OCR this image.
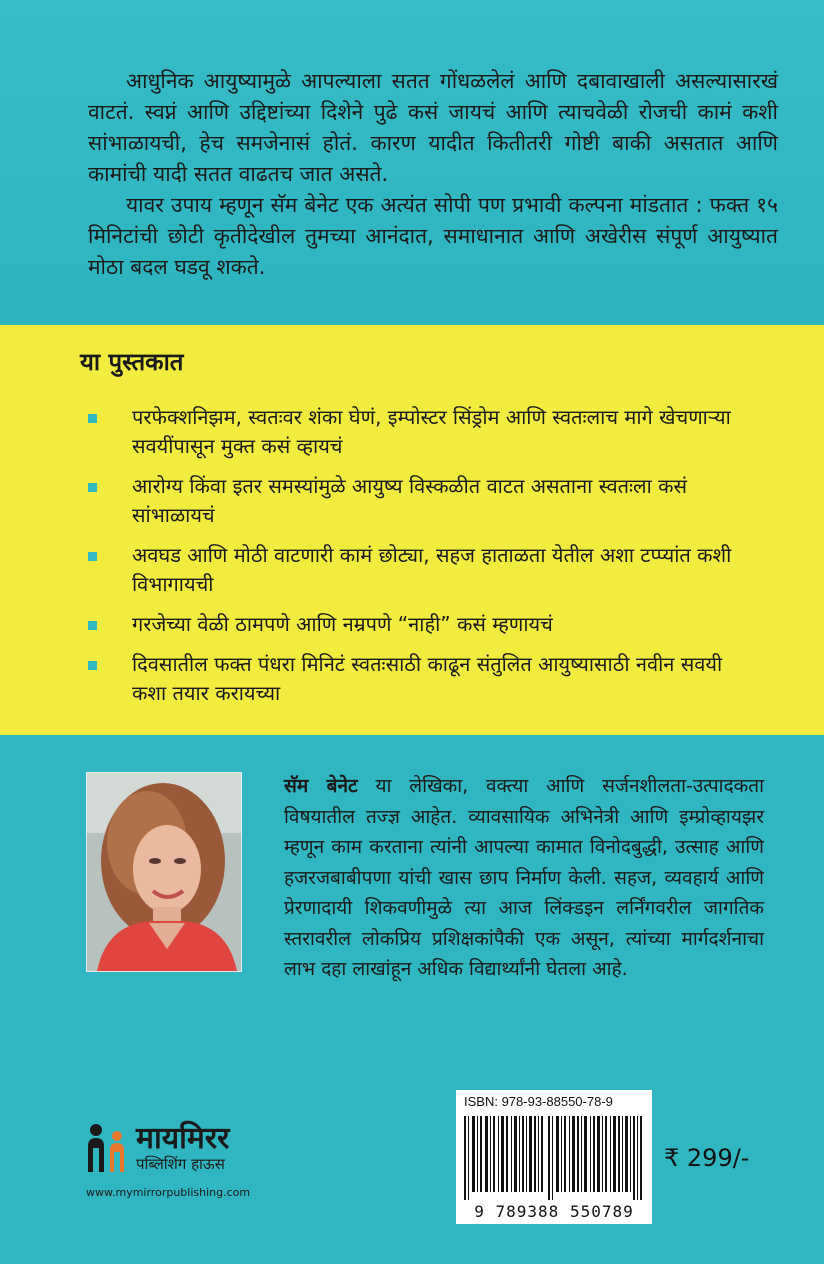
आधुनिक आयुष्यामुळे आपल्याला सतत गोंधळलेलं आणि दबावाखाली असल्यासारखं वाटतं. स्वप्नं आणि उद्दिष्टांच्या दिशेने पुढे कसं जायचं आणि त्याचवेळी रोजची कामं कशी सांभाळायची, हेच समजेनासं होतं. कारण यादीत कितीतरी गोष्टी बाकी असतात आणि कामांची यादी सतत वाढतच जात असते.

यावर उपाय म्हणून सॅम बेनेट एक अत्यंत सोपी पण प्रभावी कल्पना मांडतात : फक्त १५ मिनिटांची छोटी कृतीदेखील तुमच्या आनंदात, समाधानात आणि अखेरीस संपूर्ण आयुष्यात मोठा बदल घडवू शकते.

या पुस्तकात
परफेक्शनिझम, स्वतःवर शंका घेणं, इम्पोस्टर सिंड्रोम आणि स्वतःलाच मागे खेचणाऱ्या सवयींपासून मुक्त कसं व्हायचं
आरोग्य किंवा इतर समस्यांमुळे आयुष्य विस्कळीत वाटत असताना स्वतःला कसं सांभाळायचं
अवघड आणि मोठी वाटणारी कामं छोट्या, सहज हाताळता येतील अशा टप्प्यांत कशी विभागायची
गरजेच्या वेळी ठामपणे आणि नम्रपणे “नाही” कसं म्हणायचं
दिवसातील फक्त पंधरा मिनिटं स्वतःसाठी काढून संतुलित आयुष्यासाठी नवीन सवयी कशा तयार करायच्या
सॅम बेनेट या लेखिका, वक्त्या आणि सर्जनशीलता-उत्पादकता विषयातील तज्ज्ञ आहेत. व्यावसायिक अभिनेत्री आणि इम्प्रोव्हायझर म्हणून काम करताना त्यांनी आपल्या कामात विनोदबुद्धी, उत्साह आणि हजरजबाबीपणा यांची खास छाप निर्माण केली. सहज, व्यवहार्य आणि प्रेरणादायी शिकवणीमुळे त्या आज लिंक्डइन लर्निंगवरील जागतिक स्तरावरील लोकप्रिय प्रशिक्षकांपैकी एक असून, त्यांच्या मार्गदर्शनाचा लाभ दहा लाखांहून अधिक विद्यार्थ्यांनी घेतला आहे.
मायमिरर
पब्लिशिंग हाऊस
www.mymirrorpublishing.com
ISBN: 978-93-88550-78-9
9 789388 550789
₹ 299/-
